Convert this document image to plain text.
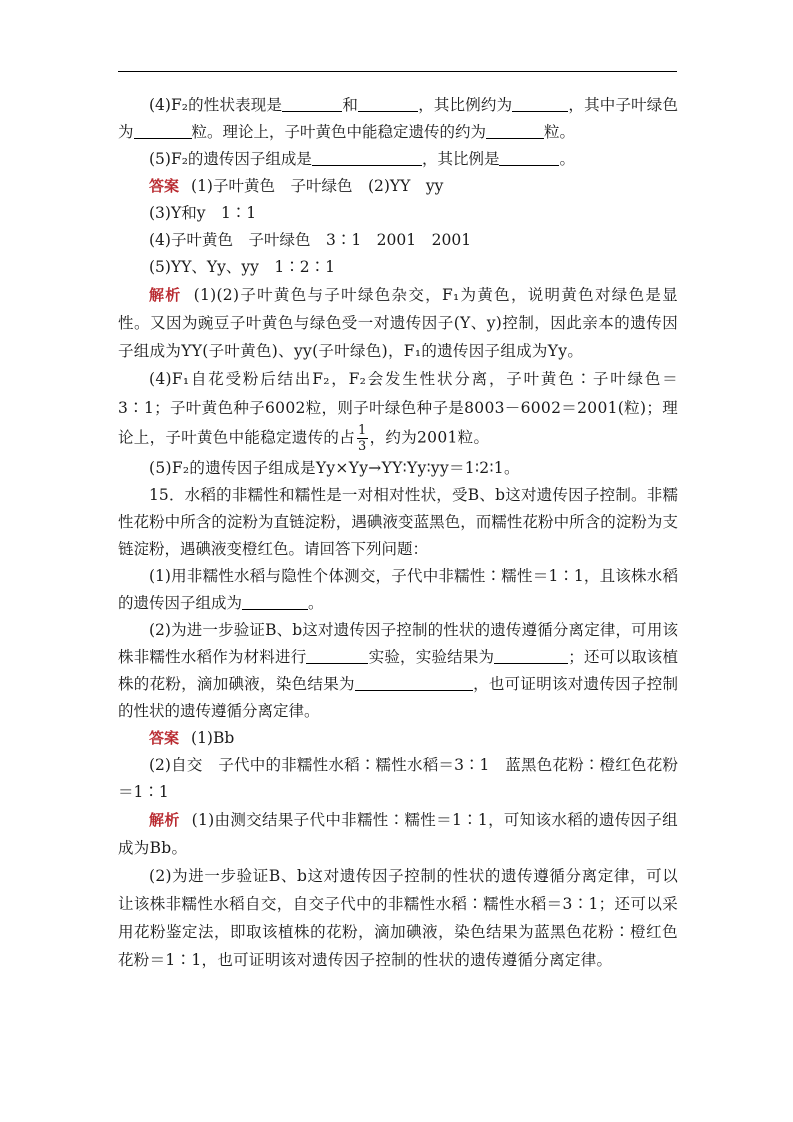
(4)F₂的性状表现是	和	，其比例约为	，其中子叶绿色为	粒。理论上，子叶黄色中能稳定遗传的约为	粒。

(5)F₂的遗传因子组成是	，其比例是	。

答案 (1)子叶黄色　子叶绿色　(2)YY　yy

(3)Y和y　1∶1

(4)子叶黄色　子叶绿色　3∶1　2001　2001

(5)YY、Yy、yy　1∶2∶1

解析 (1)(2)子叶黄色与子叶绿色杂交，F₁为黄色，说明黄色对绿色是显性。又因为豌豆子叶黄色与绿色受一对遗传因子(Y、y)控制，因此亲本的遗传因子组成为YY(子叶黄色)、yy(子叶绿色)，F₁的遗传因子组成为Yy。

(4)F₁自花受粉后结出F₂，F₂会发生性状分离，子叶黄色∶子叶绿色＝3∶1；子叶黄色种子6002粒，则子叶绿色种子是8003－6002＝2001(粒)；理论上，子叶黄色中能稳定遗传的占 $\frac{1}{3}$ ，约为2001粒。

(5)F₂的遗传因子组成是Yy×Yy→YY∶Yy∶yy＝1∶2∶1。

15．水稻的非糯性和糯性是一对相对性状，受B、b这对遗传因子控制。非糯性花粉中所含的淀粉为直链淀粉，遇碘液变蓝黑色，而糯性花粉中所含的淀粉为支链淀粉，遇碘液变橙红色。请回答下列问题：

(1)用非糯性水稻与隐性个体测交，子代中非糯性∶糯性＝1∶1，且该株水稻的遗传因子组成为	。

(2)为进一步验证B、b这对遗传因子控制的性状的遗传遵循分离定律，可用该株非糯性水稻作为材料进行	实验，实验结果为	；还可以取该植株的花粉，滴加碘液，染色结果为	，也可证明该对遗传因子控制的性状的遗传遵循分离定律。

答案 (1)Bb

(2)自交　子代中的非糯性水稻∶糯性水稻＝3∶1　蓝黑色花粉∶橙红色花粉＝1∶1

解析 (1)由测交结果子代中非糯性∶糯性＝1∶1，可知该水稻的遗传因子组成为Bb。

(2)为进一步验证B、b这对遗传因子控制的性状的遗传遵循分离定律，可以让该株非糯性水稻自交，自交子代中的非糯性水稻∶糯性水稻＝3∶1；还可以采用花粉鉴定法，即取该植株的花粉，滴加碘液，染色结果为蓝黑色花粉∶橙红色花粉＝1∶1，也可证明该对遗传因子控制的性状的遗传遵循分离定律。
